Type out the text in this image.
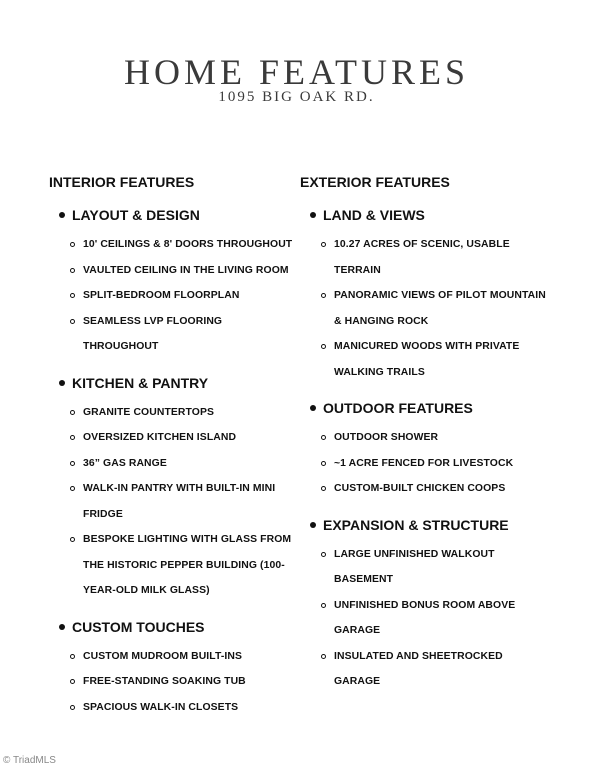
HOME FEATURES
1095 BIG OAK RD.
INTERIOR FEATURES
LAYOUT & DESIGN
10' CEILINGS & 8' DOORS THROUGHOUT
VAULTED CEILING IN THE LIVING ROOM
SPLIT-BEDROOM FLOORPLAN
SEAMLESS LVP FLOORING THROUGHOUT
KITCHEN & PANTRY
GRANITE COUNTERTOPS
OVERSIZED KITCHEN ISLAND
36” GAS RANGE
WALK-IN PANTRY WITH BUILT-IN MINI FRIDGE
BESPOKE LIGHTING WITH GLASS FROM THE HISTORIC PEPPER BUILDING (100-YEAR-OLD MILK GLASS)
CUSTOM TOUCHES
CUSTOM MUDROOM BUILT-INS
FREE-STANDING SOAKING TUB
SPACIOUS WALK-IN CLOSETS
EXTERIOR FEATURES
LAND & VIEWS
10.27 ACRES OF SCENIC, USABLE TERRAIN
PANORAMIC VIEWS OF PILOT MOUNTAIN & HANGING ROCK
MANICURED WOODS WITH PRIVATE WALKING TRAILS
OUTDOOR FEATURES
OUTDOOR SHOWER
~1 ACRE FENCED FOR LIVESTOCK
CUSTOM-BUILT CHICKEN COOPS
EXPANSION & STRUCTURE
LARGE UNFINISHED WALKOUT BASEMENT
UNFINISHED BONUS ROOM ABOVE GARAGE
INSULATED AND SHEETROCKED GARAGE
© TriadMLS
